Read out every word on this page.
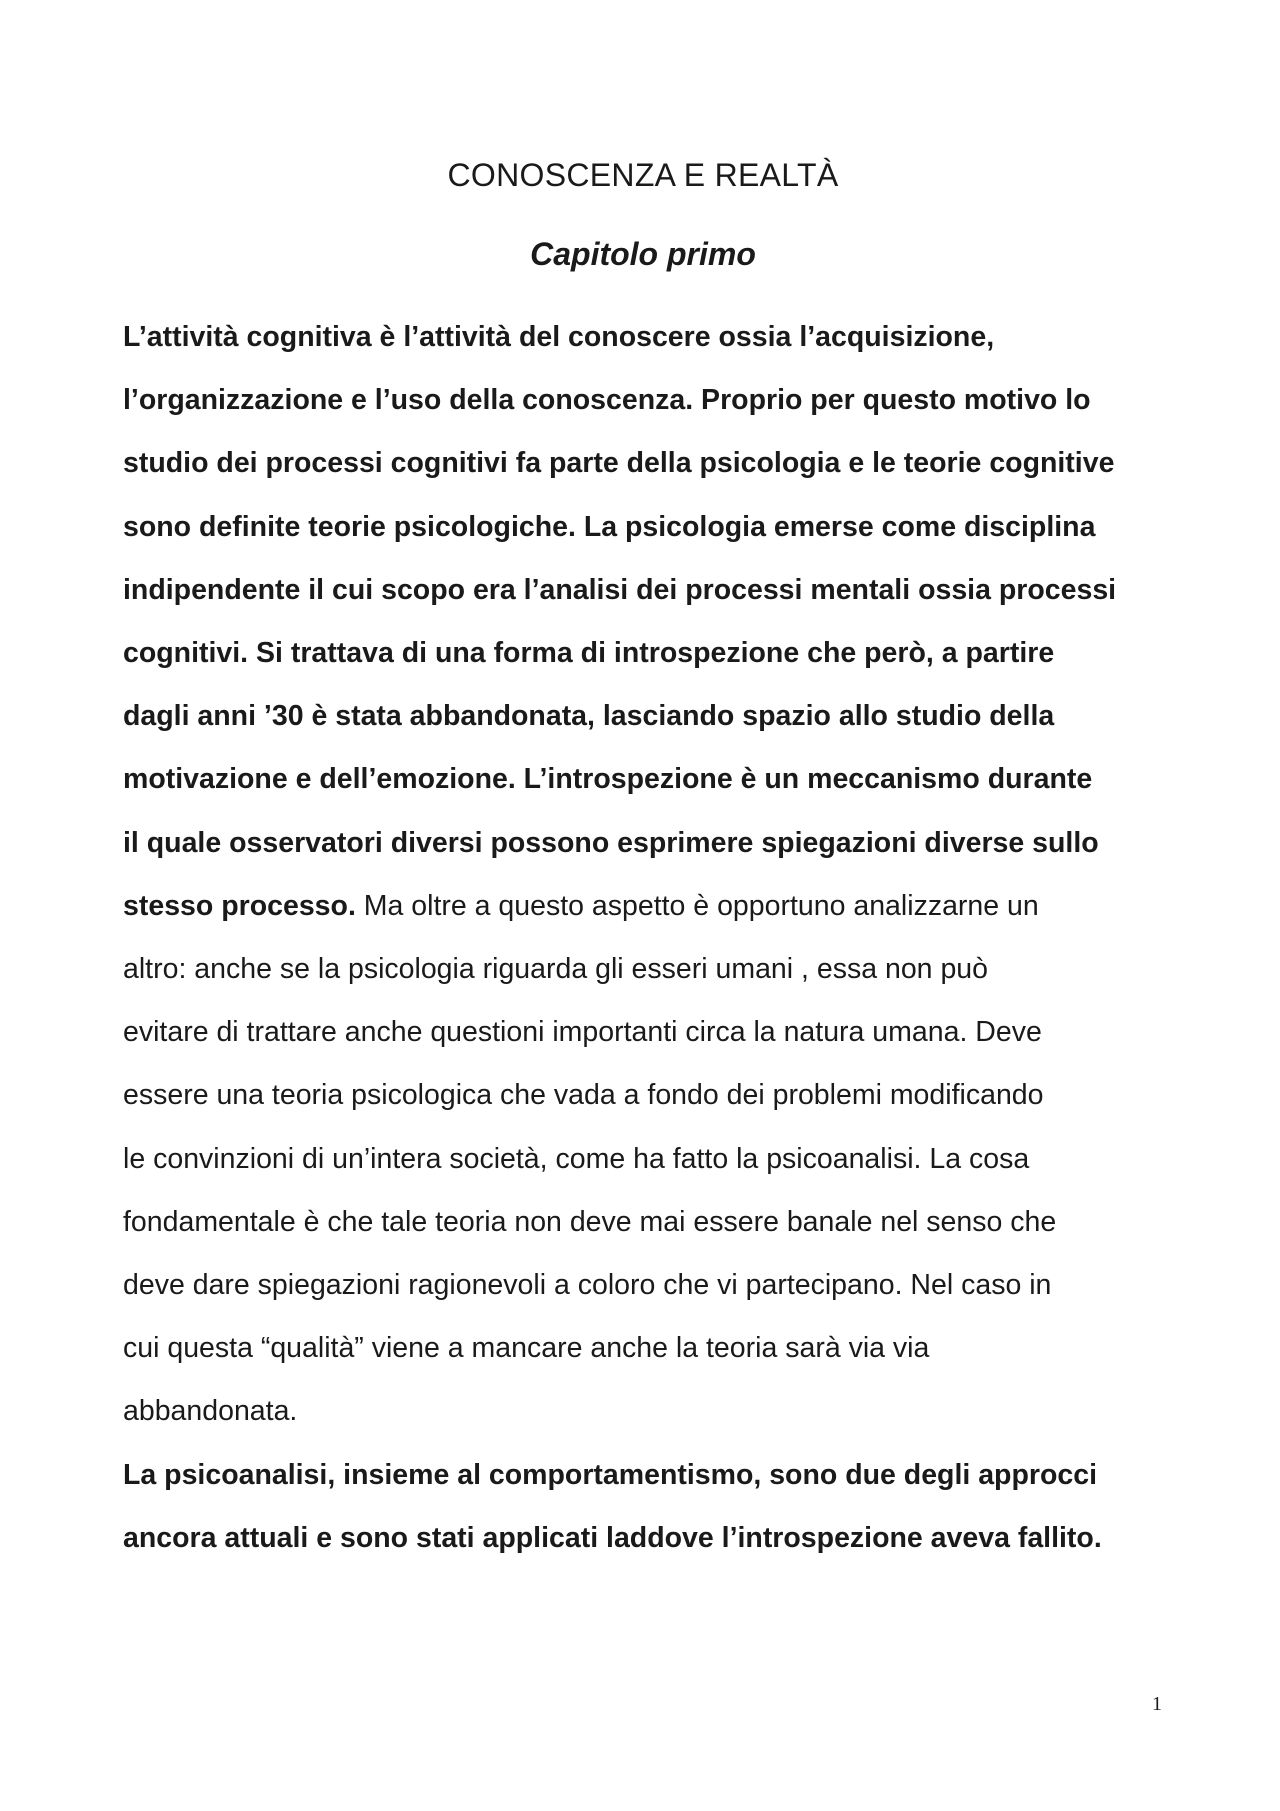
CONOSCENZA E REALTÀ
Capitolo primo
L’attività cognitiva è l’attività del conoscere ossia l’acquisizione,
l’organizzazione e l’uso della conoscenza. Proprio per questo motivo lo
studio dei processi cognitivi fa parte della psicologia e le teorie cognitive
sono definite teorie psicologiche. La psicologia emerse come disciplina
indipendente il cui scopo era l’analisi dei processi mentali ossia processi
cognitivi. Si trattava di una forma di introspezione che però, a partire
dagli anni ’30 è stata abbandonata, lasciando spazio allo studio della
motivazione e dell’emozione. L’introspezione è un meccanismo durante
il quale osservatori diversi possono esprimere spiegazioni diverse sullo
stesso processo. Ma oltre a questo aspetto è opportuno analizzarne un
altro: anche se la psicologia riguarda gli esseri umani , essa non può
evitare di trattare anche questioni importanti circa la natura umana. Deve
essere una teoria psicologica che vada a fondo dei problemi modificando
le convinzioni di un’intera società, come ha fatto la psicoanalisi. La cosa
fondamentale è che tale teoria non deve mai essere banale nel senso che
deve dare spiegazioni ragionevoli a coloro che vi partecipano. Nel caso in
cui questa “qualità” viene a mancare anche la teoria sarà via via
abbandonata.
La psicoanalisi, insieme al comportamentismo, sono due degli approcci
ancora attuali e sono stati applicati laddove l’introspezione aveva fallito.
1
